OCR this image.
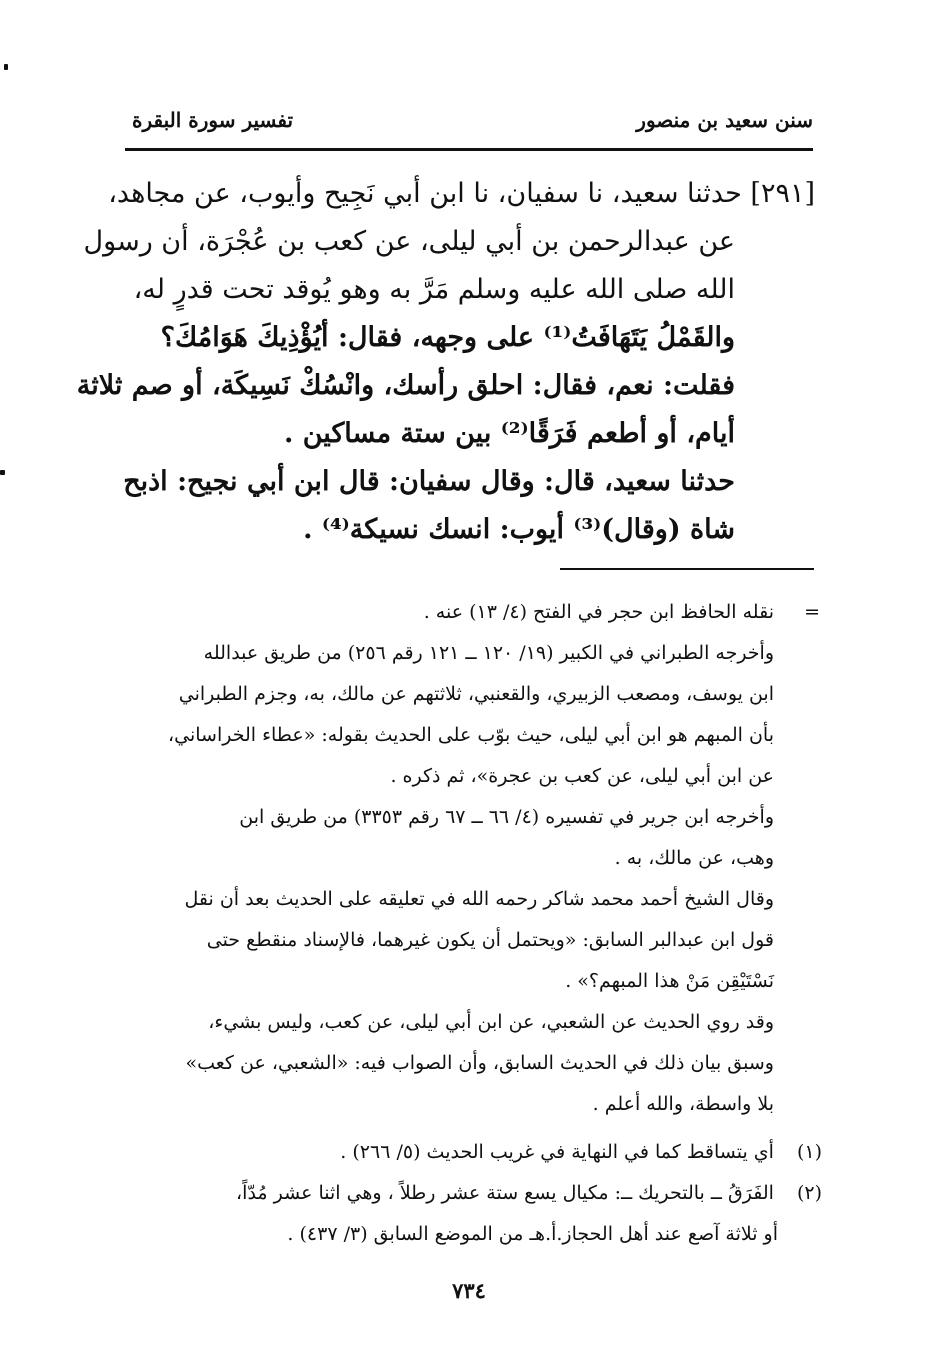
سنن سعيد بن منصور
تفسير سورة البقرة
[٢٩١] حدثنا سعيد، نا سفيان، نا ابن أبي نَجِيح وأيوب، عن مجاهد،
عن عبدالرحمن بن أبي ليلى، عن كعب بن عُجْرَة، أن رسول
الله صلى الله عليه وسلم مَرَّ به وهو يُوقد تحت قدرٍ له،
والقَمْلُ يَتَهَافَتُ⁽¹⁾ على وجهه، فقال: أيُؤْذِيكَ هَوَامُكَ؟
فقلت: نعم، فقال: احلق رأسك، وانْسُكْ نَسِيكَة، أو صم ثلاثة
أيام، أو أطعم فَرَقًا⁽²⁾ بين ستة مساكين .
حدثنا سعيد، قال: وقال سفيان: قال ابن أبي نجيح: اذبح
شاة (وقال)⁽³⁾ أيوب: انسك نسيكة⁽⁴⁾ .
=
نقله الحافظ ابن حجر في الفتح (٤/ ١٣) عنه .
وأخرجه الطبراني في الكبير (١٩/ ١٢٠ ــ ١٢١ رقم ٢٥٦) من طريق عبدالله
ابن يوسف، ومصعب الزبيري، والقعنبي، ثلاثتهم عن مالك، به، وجزم الطبراني
بأن المبهم هو ابن أبي ليلى، حيث بوّب على الحديث بقوله: «عطاء الخراساني،
عن ابن أبي ليلى، عن كعب بن عجرة»، ثم ذكره .
وأخرجه ابن جرير في تفسيره (٤/ ٦٦ ــ ٦٧ رقم ٣٣٥٣) من طريق ابن
وهب، عن مالك، به .
وقال الشيخ أحمد محمد شاكر رحمه الله في تعليقه على الحديث بعد أن نقل
قول ابن عبدالبر السابق: «ويحتمل أن يكون غيرهما، فالإسناد منقطع حتى
نَسْتَيْقِن مَنْ هذا المبهم؟» .
وقد روي الحديث عن الشعبي، عن ابن أبي ليلى، عن كعب، وليس بشيء،
وسبق بيان ذلك في الحديث السابق، وأن الصواب فيه: «الشعبي، عن كعب»
بلا واسطة، والله أعلم .
(١) أي يتساقط كما في النهاية في غريب الحديث (٥/ ٢٦٦) .
(٢) الفَرَقُ ــ بالتحريك ــ: مكيال يسع ستة عشر رطلاً ، وهي اثنا عشر مُدّاً،
أو ثلاثة آصع عند أهل الحجاز.أ.هـ من الموضع السابق (٣/ ٤٣٧) .
٧٣٤
